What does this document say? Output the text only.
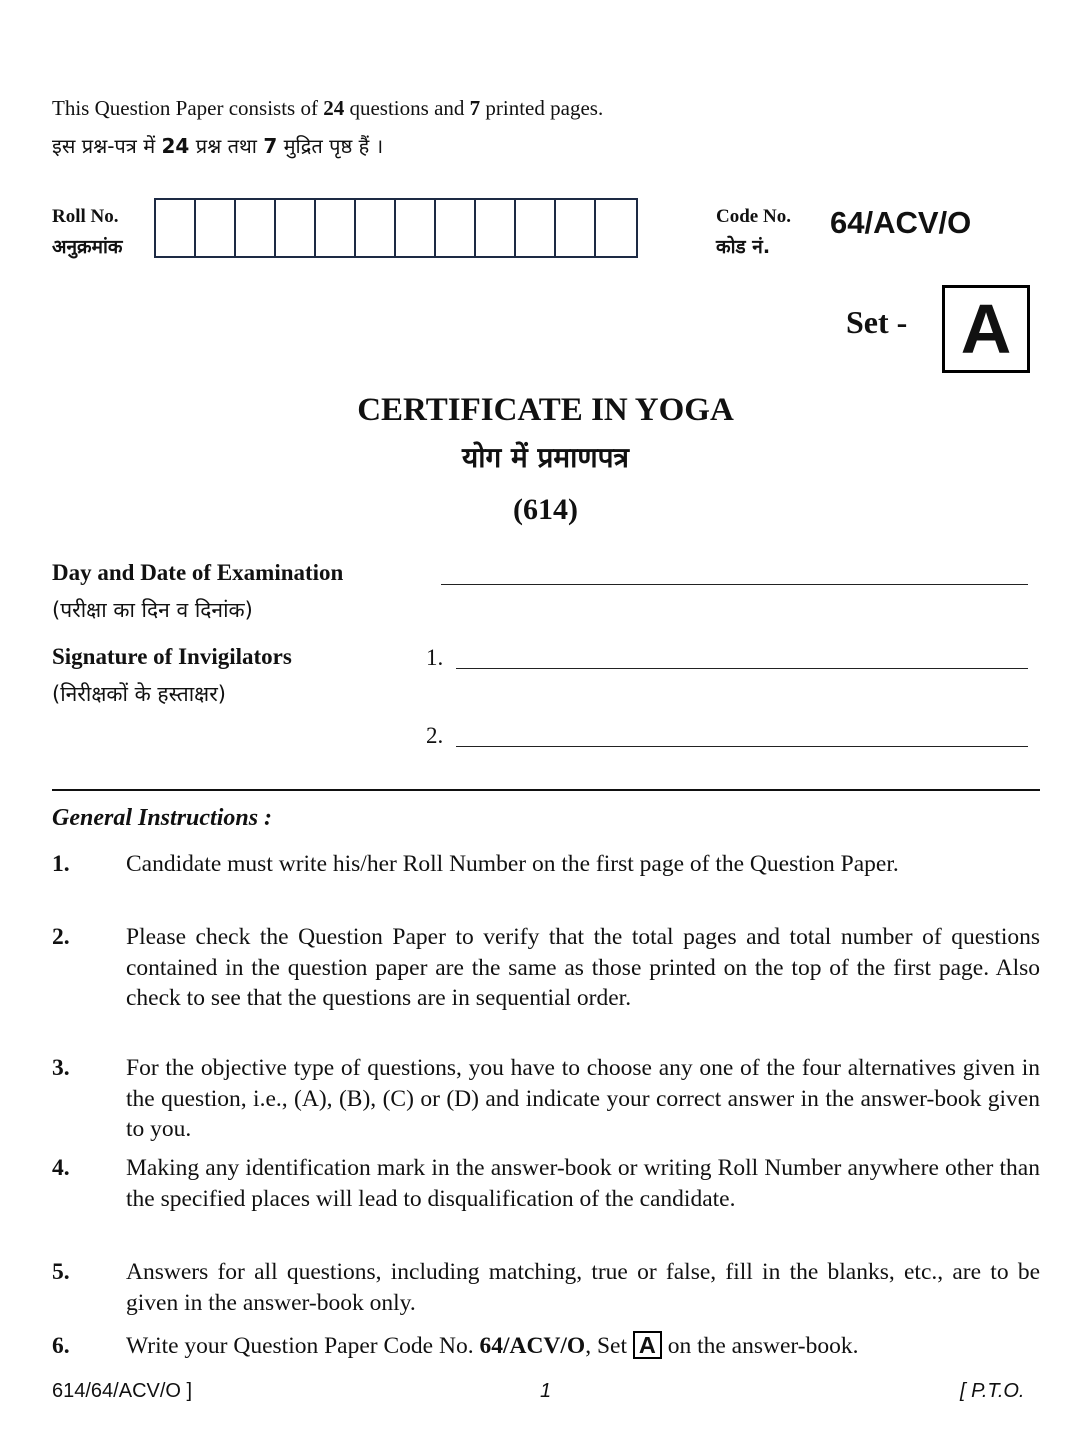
This Question Paper consists of 24 questions and 7 printed pages.
इस प्रश्न-पत्र में 24 प्रश्न तथा 7 मुद्रित पृष्ठ हैं ।
Roll No.
अनुक्रमांक
Code No.
कोड नं.
64/ACV/O
Set - A
CERTIFICATE IN YOGA
योग में प्रमाणपत्र
(614)
Day and Date of Examination
(परीक्षा का दिन व दिनांक)
Signature of Invigilators
(निरीक्षकों के हस्ताक्षर)
1.
2.
General Instructions :
1. Candidate must write his/her Roll Number on the first page of the Question Paper.
2. Please check the Question Paper to verify that the total pages and total number of questions contained in the question paper are the same as those printed on the top of the first page. Also check to see that the questions are in sequential order.
3. For the objective type of questions, you have to choose any one of the four alternatives given in the question, i.e., (A), (B), (C) or (D) and indicate your correct answer in the answer-book given to you.
4. Making any identification mark in the answer-book or writing Roll Number anywhere other than the specified places will lead to disqualification of the candidate.
5. Answers for all questions, including matching, true or false, fill in the blanks, etc., are to be given in the answer-book only.
6. Write your Question Paper Code No. 64/ACV/O, Set A on the answer-book.
614/64/ACV/O ]	1	[ P.T.O.
